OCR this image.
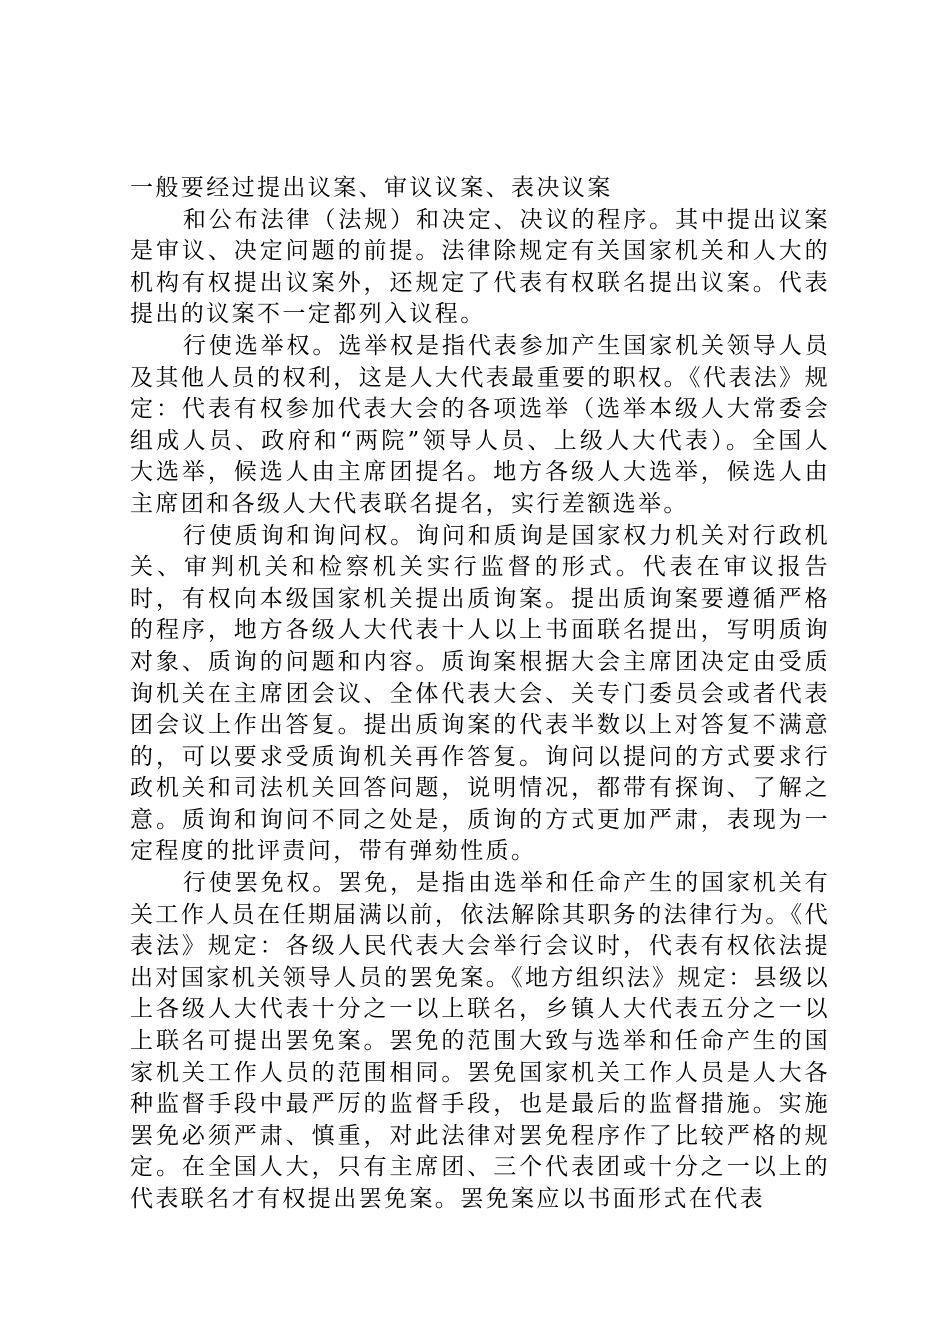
一般要经过提出议案、审议议案、表决议案

和公布法律（法规）和决定、决议的程序。其中提出议案是审议、决定问题的前提。法律除规定有关国家机关和人大的机构有权提出议案外，还规定了代表有权联名提出议案。代表提出的议案不一定都列入议程。

行使选举权。选举权是指代表参加产生国家机关领导人员及其他人员的权利，这是人大代表最重要的职权。《代表法》规定：代表有权参加代表大会的各项选举（选举本级人大常委会组成人员、政府和“两院”领导人员、上级人大代表）。全国人大选举，候选人由主席团提名。地方各级人大选举，候选人由主席团和各级人大代表联名提名，实行差额选举。

行使质询和询问权。询问和质询是国家权力机关对行政机关、审判机关和检察机关实行监督的形式。代表在审议报告时，有权向本级国家机关提出质询案。提出质询案要遵循严格的程序，地方各级人大代表十人以上书面联名提出，写明质询对象、质询的问题和内容。质询案根据大会主席团决定由受质询机关在主席团会议、全体代表大会、关专门委员会或者代表团会议上作出答复。提出质询案的代表半数以上对答复不满意的，可以要求受质询机关再作答复。询问以提问的方式要求行政机关和司法机关回答问题，说明情况，都带有探询、了解之意。质询和询问不同之处是，质询的方式更加严肃，表现为一定程度的批评责问，带有弹劾性质。

行使罢免权。罢免，是指由选举和任命产生的国家机关有关工作人员在任期届满以前，依法解除其职务的法律行为。《代表法》规定：各级人民代表大会举行会议时，代表有权依法提出对国家机关领导人员的罢免案。《地方组织法》规定：县级以上各级人大代表十分之一以上联名，乡镇人大代表五分之一以上联名可提出罢免案。罢免的范围大致与选举和任命产生的国家机关工作人员的范围相同。罢免国家机关工作人员是人大各种监督手段中最严厉的监督手段，也是最后的监督措施。实施罢免必须严肃、慎重，对此法律对罢免程序作了比较严格的规定。在全国人大，只有主席团、三个代表团或十分之一以上的代表联名才有权提出罢免案。罢免案应以书面形式在代表
